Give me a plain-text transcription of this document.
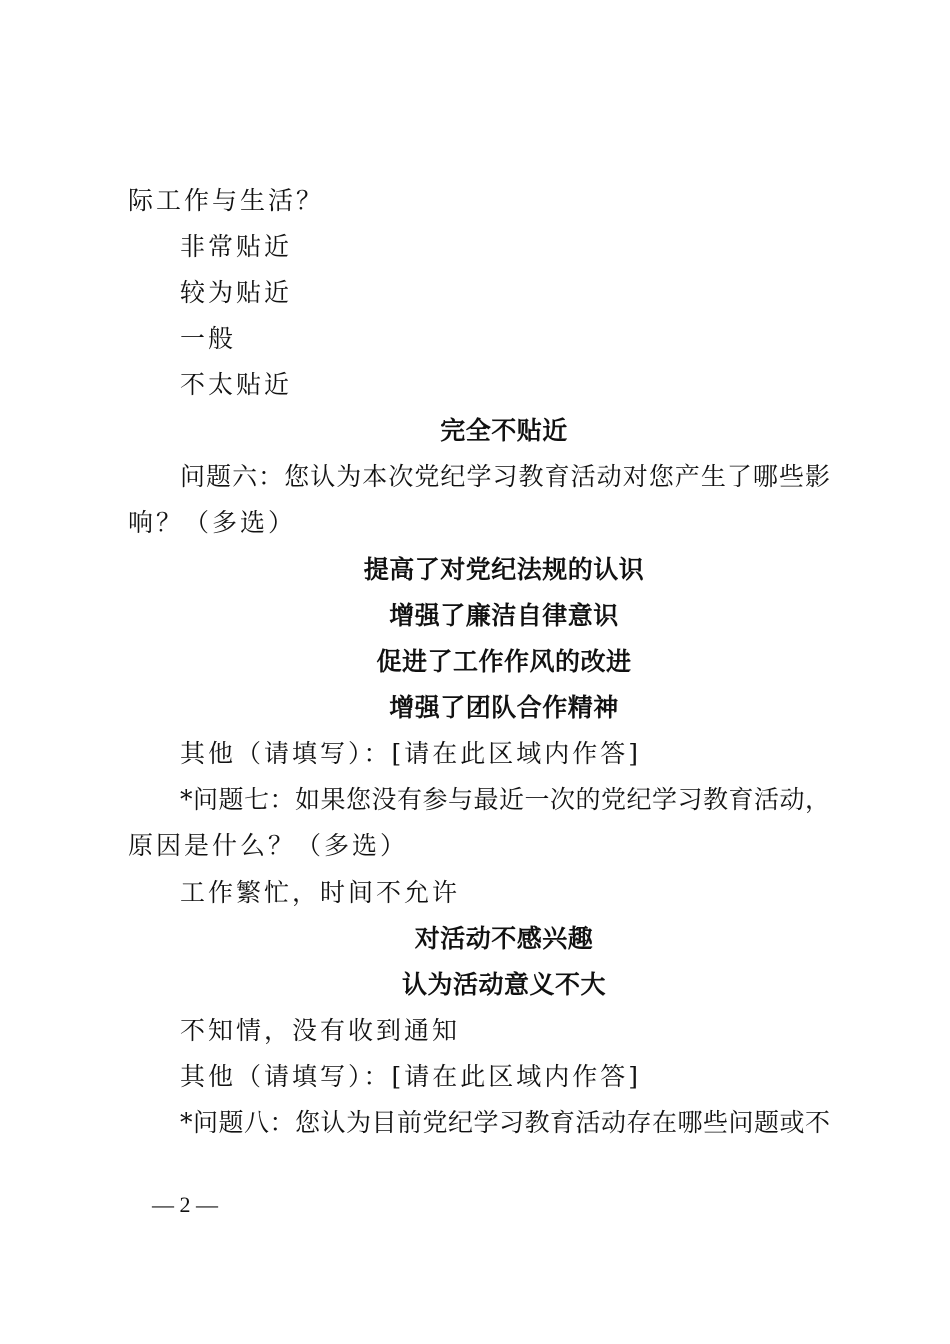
际工作与生活？
非常贴近
较为贴近
一般
不太贴近
完全不贴近
问题六：您认为本次党纪学习教育活动对您产生了哪些影
响？（多选）
提高了对党纪法规的认识
增强了廉洁自律意识
促进了工作作风的改进
增强了团队合作精神
其他（请填写）：[请在此区域内作答]
*问题七：如果您没有参与最近一次的党纪学习教育活动，
原因是什么？（多选）
工作繁忙，时间不允许
对活动不感兴趣
认为活动意义不大
不知情，没有收到通知
其他（请填写）：[请在此区域内作答]
*问题八：您认为目前党纪学习教育活动存在哪些问题或不
— 2 —
